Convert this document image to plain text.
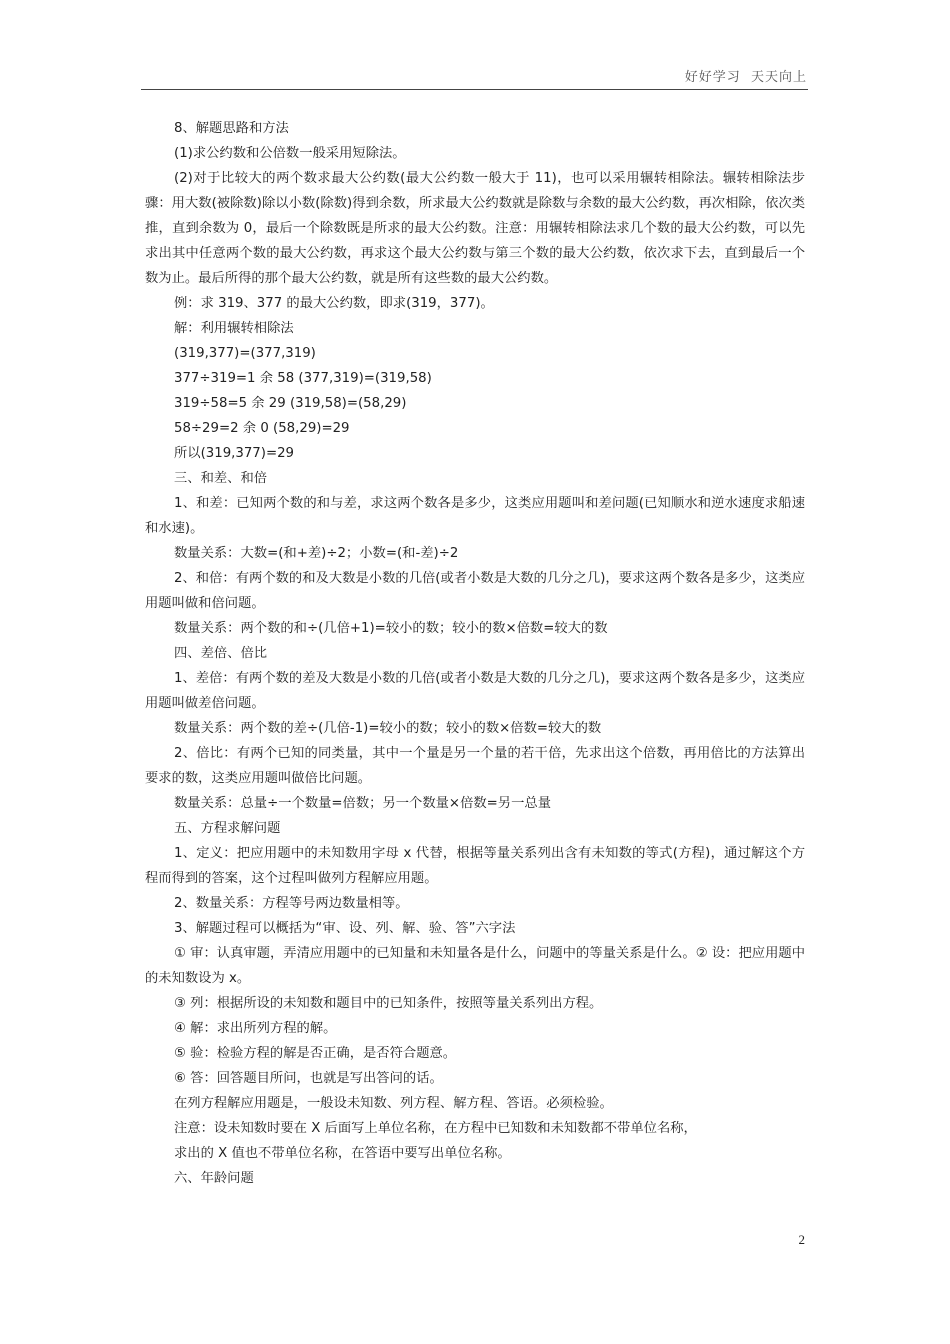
好好学习  天天向上

8、解题思路和方法

(1)求公约数和公倍数一般采用短除法。

(2)对于比较大的两个数求最大公约数(最大公约数一般大于 11)，也可以采用辗转相除法。辗转相除法步骤：用大数(被除数)除以小数(除数)得到余数，所求最大公约数就是除数与余数的最大公约数，再次相除，依次类推，直到余数为 0，最后一个除数既是所求的最大公约数。注意：用辗转相除法求几个数的最大公约数，可以先求出其中任意两个数的最大公约数，再求这个最大公约数与第三个数的最大公约数，依次求下去，直到最后一个数为止。最后所得的那个最大公约数，就是所有这些数的最大公约数。

例：求 319、377 的最大公约数，即求(319，377)。

解：利用辗转相除法

(319,377)=(377,319)

377÷319=1 余 58 (377,319)=(319,58)

319÷58=5 余 29 (319,58)=(58,29)

58÷29=2 余 0 (58,29)=29

所以(319,377)=29

三、和差、和倍

1、和差：已知两个数的和与差，求这两个数各是多少，这类应用题叫和差问题(已知顺水和逆水速度求船速和水速)。

数量关系：大数=(和+差)÷2；小数=(和-差)÷2

2、和倍：有两个数的和及大数是小数的几倍(或者小数是大数的几分之几)，要求这两个数各是多少，这类应用题叫做和倍问题。

数量关系：两个数的和÷(几倍+1)=较小的数；较小的数×倍数=较大的数

四、差倍、倍比

1、差倍：有两个数的差及大数是小数的几倍(或者小数是大数的几分之几)，要求这两个数各是多少，这类应用题叫做差倍问题。

数量关系：两个数的差÷(几倍-1)=较小的数；较小的数×倍数=较大的数

2、倍比：有两个已知的同类量，其中一个量是另一个量的若干倍，先求出这个倍数，再用倍比的方法算出要求的数，这类应用题叫做倍比问题。

数量关系：总量÷一个数量=倍数；另一个数量×倍数=另一总量

五、方程求解问题

1、定义：把应用题中的未知数用字母 x 代替，根据等量关系列出含有未知数的等式(方程)，通过解这个方程而得到的答案，这个过程叫做列方程解应用题。

2、数量关系：方程等号两边数量相等。

3、解题过程可以概括为“审、设、列、解、验、答”六字法

① 审：认真审题，弄清应用题中的已知量和未知量各是什么，问题中的等量关系是什么。② 设：把应用题中的未知数设为 x。

③ 列：根据所设的未知数和题目中的已知条件，按照等量关系列出方程。

④ 解：求出所列方程的解。

⑤ 验：检验方程的解是否正确，是否符合题意。

⑥ 答：回答题目所问，也就是写出答问的话。

在列方程解应用题是，一般设未知数、列方程、解方程、答语。必须检验。

注意：设未知数时要在 X 后面写上单位名称，在方程中已知数和未知数都不带单位名称，

求出的 X 值也不带单位名称，在答语中要写出单位名称。

六、年龄问题

2
